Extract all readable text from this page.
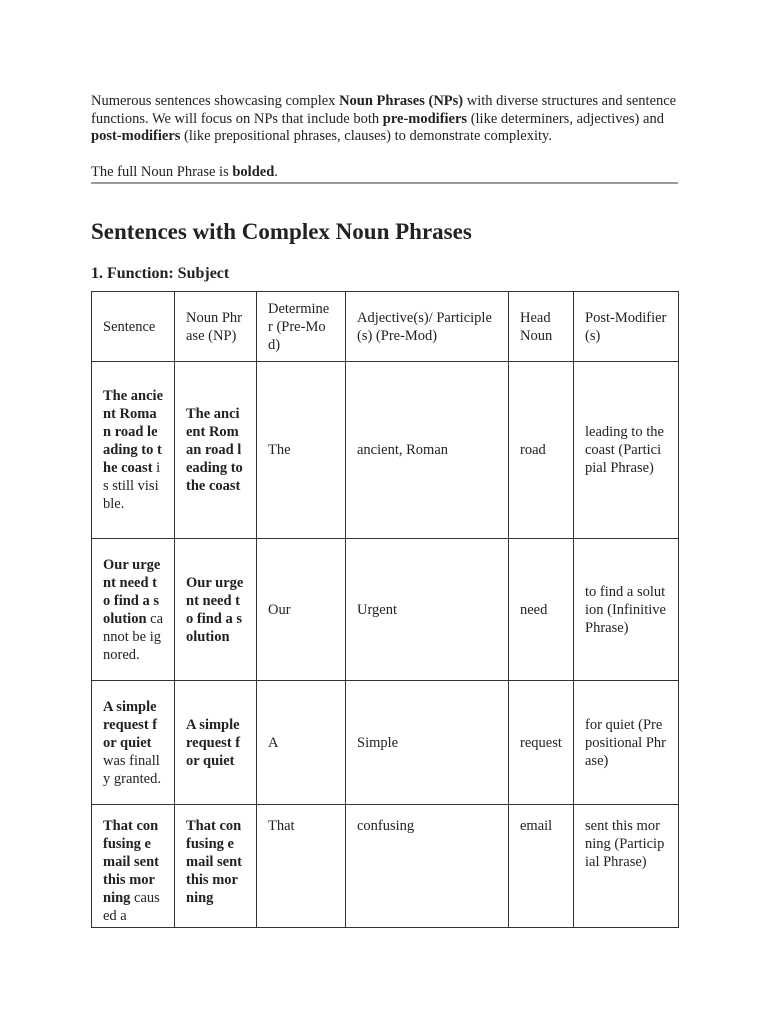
Numerous sentences showcasing complex Noun Phrases (NPs) with diverse structures and sentence functions. We will focus on NPs that include both pre-modifiers (like determiners, adjectives) and post-modifiers (like prepositional phrases, clauses) to demonstrate complexity.

The full Noun Phrase is bolded.

Sentences with Complex Noun Phrases
1. Function: Subject
Sentence	Noun Phrase (NP)	Determiner (Pre-Mod)	Adjective(s)/ Participle(s) (Pre-Mod)	Head Noun	Post-Modifier(s)
The ancient Roman road leading to the coast is still visible.	The ancient Roman road leading to the coast	The	ancient, Roman	road	leading to the coast (Participial Phrase)
Our urgent need to find a solution cannot be ignored.	Our urgent need to find a solution	Our	Urgent	need	to find a solution (Infinitive Phrase)
A simple request for quiet was finally granted.	A simple request for quiet	A	Simple	request	for quiet (Prepositional Phrase)
That confusing email sent this morning caused a	That confusing email sent this morning	That	confusing	email	sent this morning (Participial Phrase)
